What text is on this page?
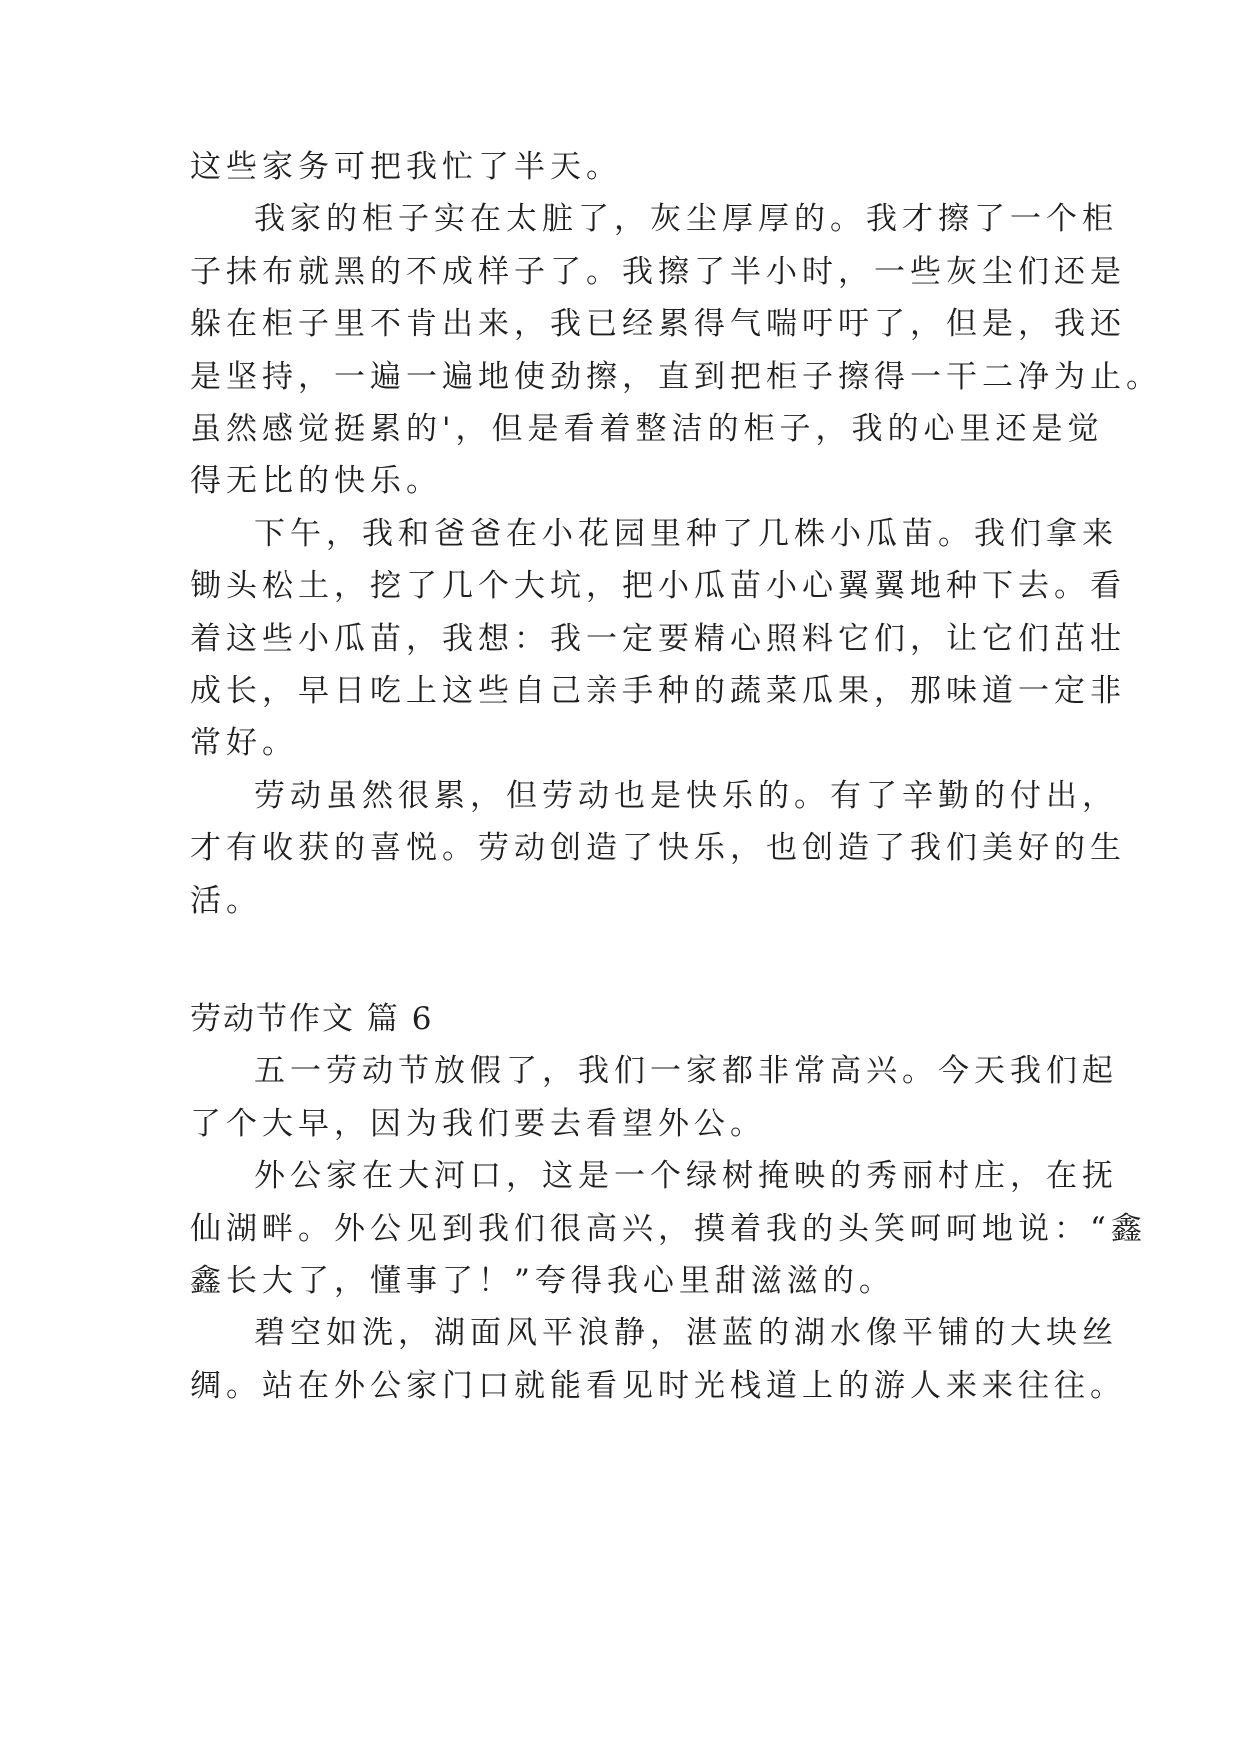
这些家务可把我忙了半天。
我家的柜子实在太脏了，灰尘厚厚的。我才擦了一个柜
子抹布就黑的不成样子了。我擦了半小时，一些灰尘们还是
躲在柜子里不肯出来，我已经累得气喘吁吁了，但是，我还
是坚持，一遍一遍地使劲擦，直到把柜子擦得一干二净为止。
虽然感觉挺累的'，但是看着整洁的柜子，我的心里还是觉
得无比的快乐。
下午，我和爸爸在小花园里种了几株小瓜苗。我们拿来
锄头松土，挖了几个大坑，把小瓜苗小心翼翼地种下去。看
着这些小瓜苗，我想：我一定要精心照料它们，让它们茁壮
成长，早日吃上这些自己亲手种的蔬菜瓜果，那味道一定非
常好。
劳动虽然很累，但劳动也是快乐的。有了辛勤的付出，
才有收获的喜悦。劳动创造了快乐，也创造了我们美好的生
活。
劳动节作文 篇 6
五一劳动节放假了，我们一家都非常高兴。今天我们起
了个大早，因为我们要去看望外公。
外公家在大河口，这是一个绿树掩映的秀丽村庄，在抚
仙湖畔。外公见到我们很高兴，摸着我的头笑呵呵地说：“鑫
鑫长大了，懂事了！”夸得我心里甜滋滋的。
碧空如洗，湖面风平浪静，湛蓝的湖水像平铺的大块丝
绸。站在外公家门口就能看见时光栈道上的游人来来往往。
